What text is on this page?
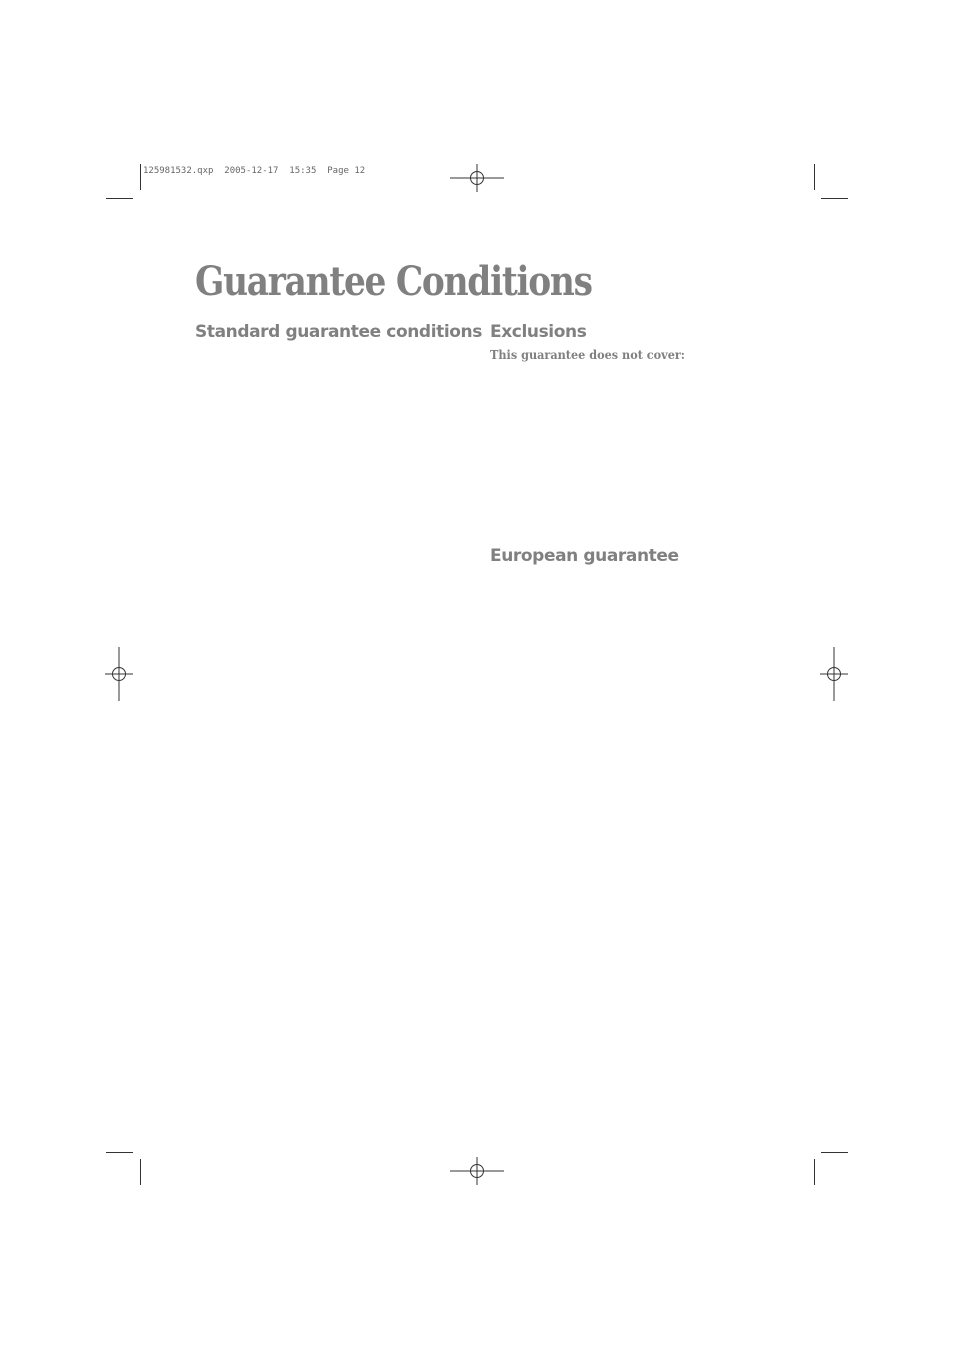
125981532.qxp  2005-12-17  15:35  Page 12
Guarantee Conditions
Standard guarantee conditions Exclusions

This guarantee does not cover:

European guarantee
